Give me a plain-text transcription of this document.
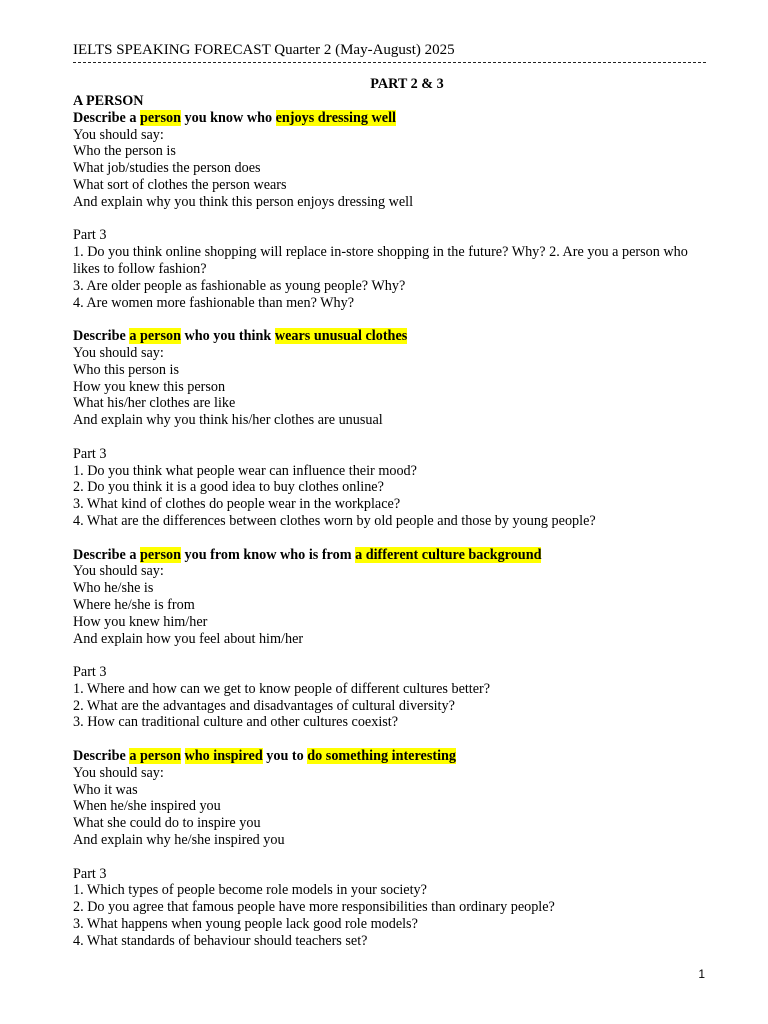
IELTS SPEAKING FORECAST Quarter 2 (May-August) 2025
PART 2 & 3

A PERSON

Describe a person you know who enjoys dressing well

You should say:

Who the person is

What job/studies the person does

What sort of clothes the person wears

And explain why you think this person enjoys dressing well

Part 3

1. Do you think online shopping will replace in-store shopping in the future? Why? 2. Are you a person who likes to follow fashion?

3. Are older people as fashionable as young people? Why?

4. Are women more fashionable than men? Why?

Describe a person who you think wears unusual clothes

You should say:

Who this person is

How you knew this person

What his/her clothes are like

And explain why you think his/her clothes are unusual

Part 3

1. Do you think what people wear can influence their mood?

2. Do you think it is a good idea to buy clothes online?

3. What kind of clothes do people wear in the workplace?

4. What are the differences between clothes worn by old people and those by young people?

Describe a person you from know who is from a different culture background

You should say:

Who he/she is

Where he/she is from

How you knew him/her

And explain how you feel about him/her

Part 3

1. Where and how can we get to know people of different cultures better?

2. What are the advantages and disadvantages of cultural diversity?

3. How can traditional culture and other cultures coexist?

Describe a person who inspired you to do something interesting

You should say:

Who it was

When he/she inspired you

What she could do to inspire you

And explain why he/she inspired you

Part 3

1. Which types of people become role models in your society?

2. Do you agree that famous people have more responsibilities than ordinary people?

3. What happens when young people lack good role models?

4. What standards of behaviour should teachers set?

1
